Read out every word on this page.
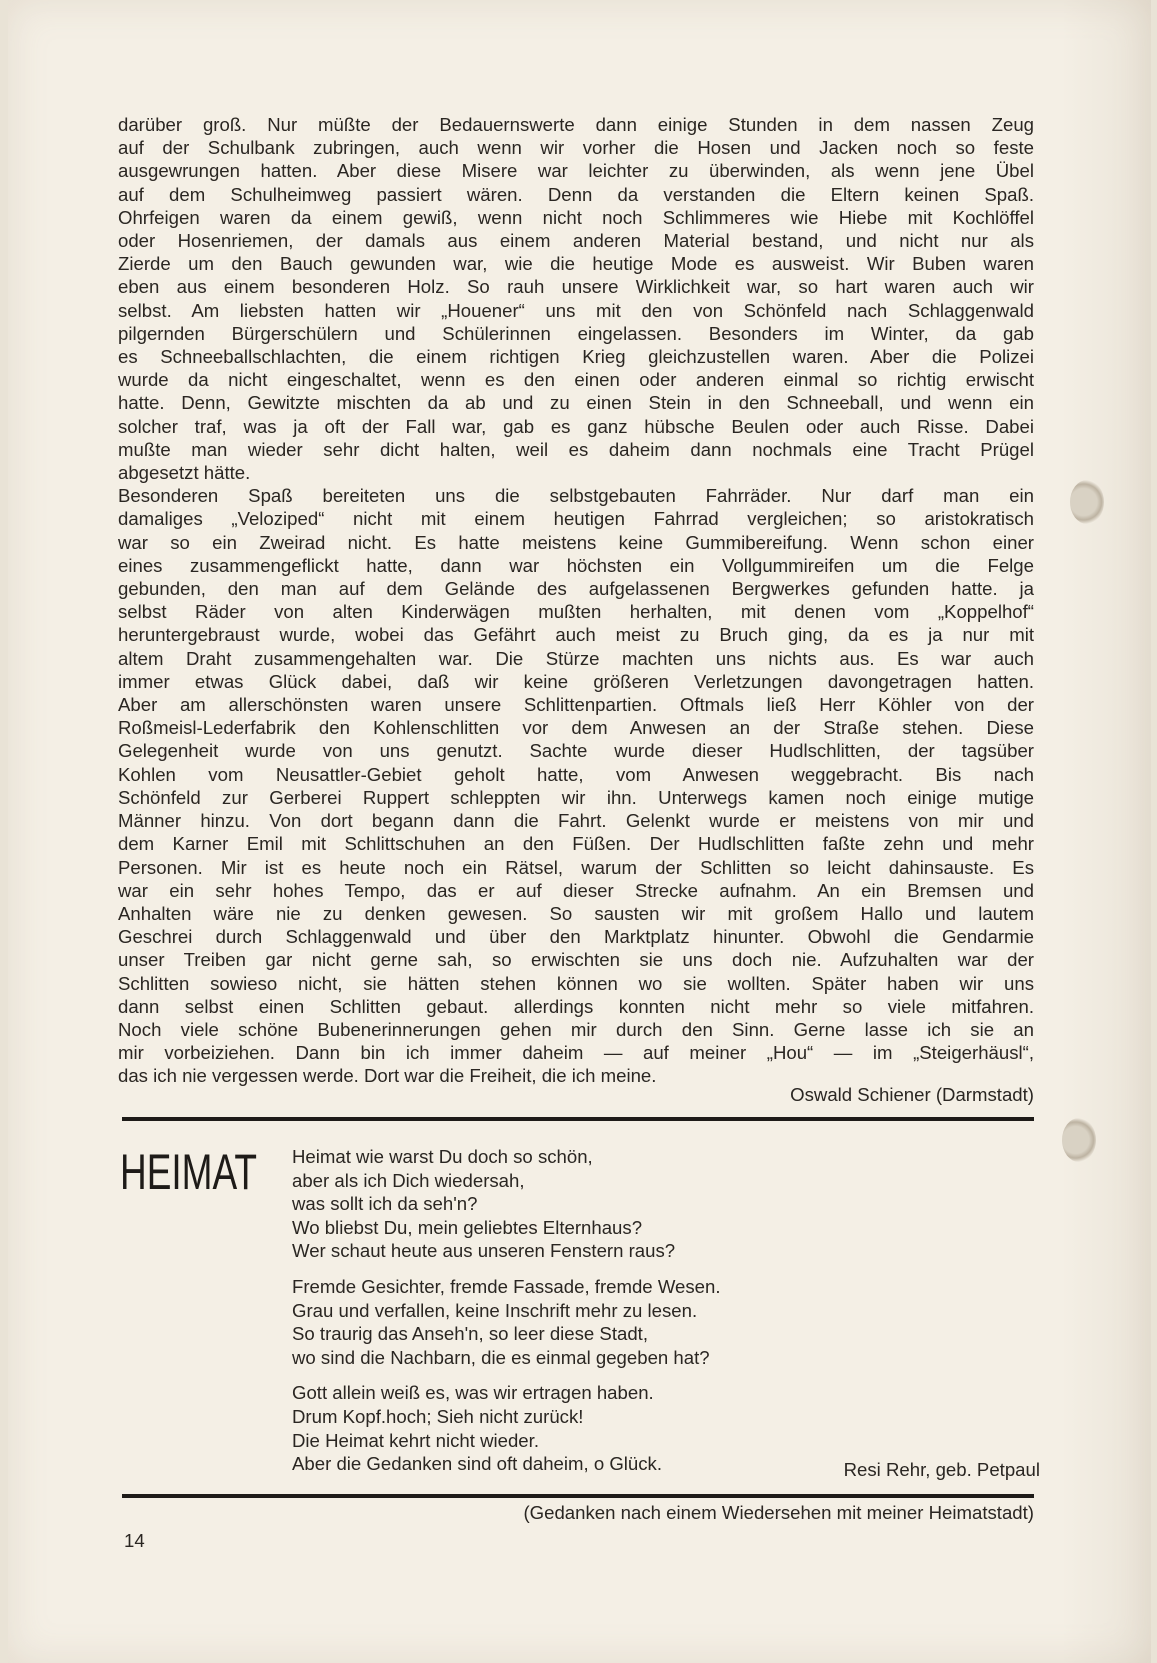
darüber groß. Nur müßte der Bedauernswerte dann einige Stunden in dem nassen Zeug

auf der Schulbank zubringen, auch wenn wir vorher die Hosen und Jacken noch so feste

ausgewrungen hatten. Aber diese Misere war leichter zu überwinden, als wenn jene Übel

auf dem Schulheimweg passiert wären. Denn da verstanden die Eltern keinen Spaß.

Ohrfeigen waren da einem gewiß, wenn nicht noch Schlimmeres wie Hiebe mit Kochlöffel

oder Hosenriemen, der damals aus einem anderen Material bestand, und nicht nur als

Zierde um den Bauch gewunden war, wie die heutige Mode es ausweist. Wir Buben waren

eben aus einem besonderen Holz. So rauh unsere Wirklichkeit war, so hart waren auch wir

selbst. Am liebsten hatten wir „Houener“ uns mit den von Schönfeld nach Schlaggenwald

pilgernden Bürgerschülern und Schülerinnen eingelassen. Besonders im Winter, da gab

es Schneeballschlachten, die einem richtigen Krieg gleichzustellen waren. Aber die Polizei

wurde da nicht eingeschaltet, wenn es den einen oder anderen einmal so richtig erwischt

hatte. Denn, Gewitzte mischten da ab und zu einen Stein in den Schneeball, und wenn ein

solcher traf, was ja oft der Fall war, gab es ganz hübsche Beulen oder auch Risse. Dabei

mußte man wieder sehr dicht halten, weil es daheim dann nochmals eine Tracht Prügel

abgesetzt hätte.

Besonderen Spaß bereiteten uns die selbstgebauten Fahrräder. Nur darf man ein

damaliges „Veloziped“ nicht mit einem heutigen Fahrrad vergleichen; so aristokratisch

war so ein Zweirad nicht. Es hatte meistens keine Gummibereifung. Wenn schon einer

eines zusammengeflickt hatte, dann war höchsten ein Vollgummireifen um die Felge

gebunden, den man auf dem Gelände des aufgelassenen Bergwerkes gefunden hatte. ja

selbst Räder von alten Kinderwägen mußten herhalten, mit denen vom „Koppelhof“

heruntergebraust wurde, wobei das Gefährt auch meist zu Bruch ging, da es ja nur mit

altem Draht zusammengehalten war. Die Stürze machten uns nichts aus. Es war auch

immer etwas Glück dabei, daß wir keine größeren Verletzungen davongetragen hatten.

Aber am allerschönsten waren unsere Schlittenpartien. Oftmals ließ Herr Köhler von der

Roßmeisl-Lederfabrik den Kohlenschlitten vor dem Anwesen an der Straße stehen. Diese

Gelegenheit wurde von uns genutzt. Sachte wurde dieser Hudlschlitten, der tagsüber

Kohlen vom Neusattler-Gebiet geholt hatte, vom Anwesen weggebracht. Bis nach

Schönfeld zur Gerberei Ruppert schleppten wir ihn. Unterwegs kamen noch einige mutige

Männer hinzu. Von dort begann dann die Fahrt. Gelenkt wurde er meistens von mir und

dem Karner Emil mit Schlittschuhen an den Füßen. Der Hudlschlitten faßte zehn und mehr

Personen. Mir ist es heute noch ein Rätsel, warum der Schlitten so leicht dahinsauste. Es

war ein sehr hohes Tempo, das er auf dieser Strecke aufnahm. An ein Bremsen und

Anhalten wäre nie zu denken gewesen. So sausten wir mit großem Hallo und lautem

Geschrei durch Schlaggenwald und über den Marktplatz hinunter. Obwohl die Gendarmie

unser Treiben gar nicht gerne sah, so erwischten sie uns doch nie. Aufzuhalten war der

Schlitten sowieso nicht, sie hätten stehen können wo sie wollten. Später haben wir uns

dann selbst einen Schlitten gebaut. allerdings konnten nicht mehr so viele mitfahren.

Noch viele schöne Bubenerinnerungen gehen mir durch den Sinn. Gerne lasse ich sie an

mir vorbeiziehen. Dann bin ich immer daheim — auf meiner „Hou“ — im „Steigerhäusl“,

das ich nie vergessen werde. Dort war die Freiheit, die ich meine.

Oswald Schiener (Darmstadt)
HEIMAT Heimat wie warst Du doch so schön,
aber als ich Dich wiedersah,
was sollt ich da seh'n?
Wo bliebst Du, mein geliebtes Elternhaus?
Wer schaut heute aus unseren Fenstern raus?
Fremde Gesichter, fremde Fassade, fremde Wesen.
Grau und verfallen, keine Inschrift mehr zu lesen.
So traurig das Anseh'n, so leer diese Stadt,
wo sind die Nachbarn, die es einmal gegeben hat?
Gott allein weiß es, was wir ertragen haben.
Drum Kopf.hoch; Sieh nicht zurück!
Die Heimat kehrt nicht wieder.
Aber die Gedanken sind oft daheim, o Glück.	Resi Rehr, geb. Petpaul
(Gedanken nach einem Wiedersehen mit meiner Heimatstadt)
14
